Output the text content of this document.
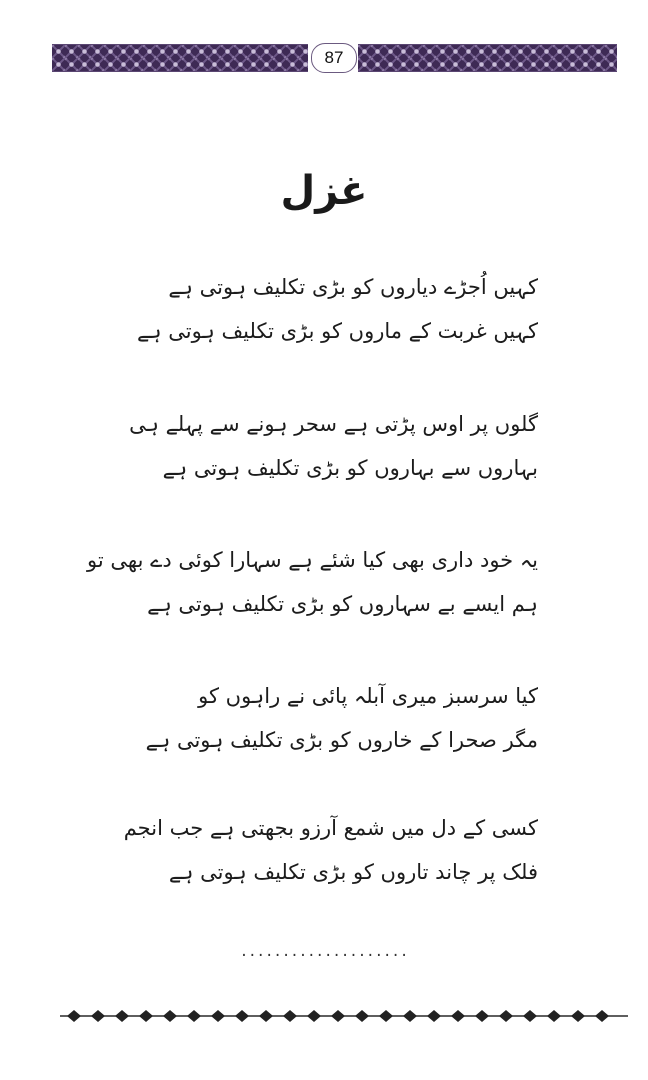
87
غزل
کہیں اُجڑے دیاروں کو بڑی تکلیف ہوتی ہے
کہیں غربت کے ماروں کو بڑی تکلیف ہوتی ہے
گلوں پر اوس پڑتی ہے سحر ہونے سے پہلے ہی
بہاروں سے بہاروں کو بڑی تکلیف ہوتی ہے
یہ خود داری بھی کیا شئے ہے سہارا کوئی دے بھی تو
ہم ایسے بے سہاروں کو بڑی تکلیف ہوتی ہے
کیا سرسبز میری آبلہ پائی نے راہوں کو
مگر صحرا کے خاروں کو بڑی تکلیف ہوتی ہے
کسی کے دل میں شمع آرزو بجھتی ہے جب انجم
فلک پر چاند تاروں کو بڑی تکلیف ہوتی ہے
....................
